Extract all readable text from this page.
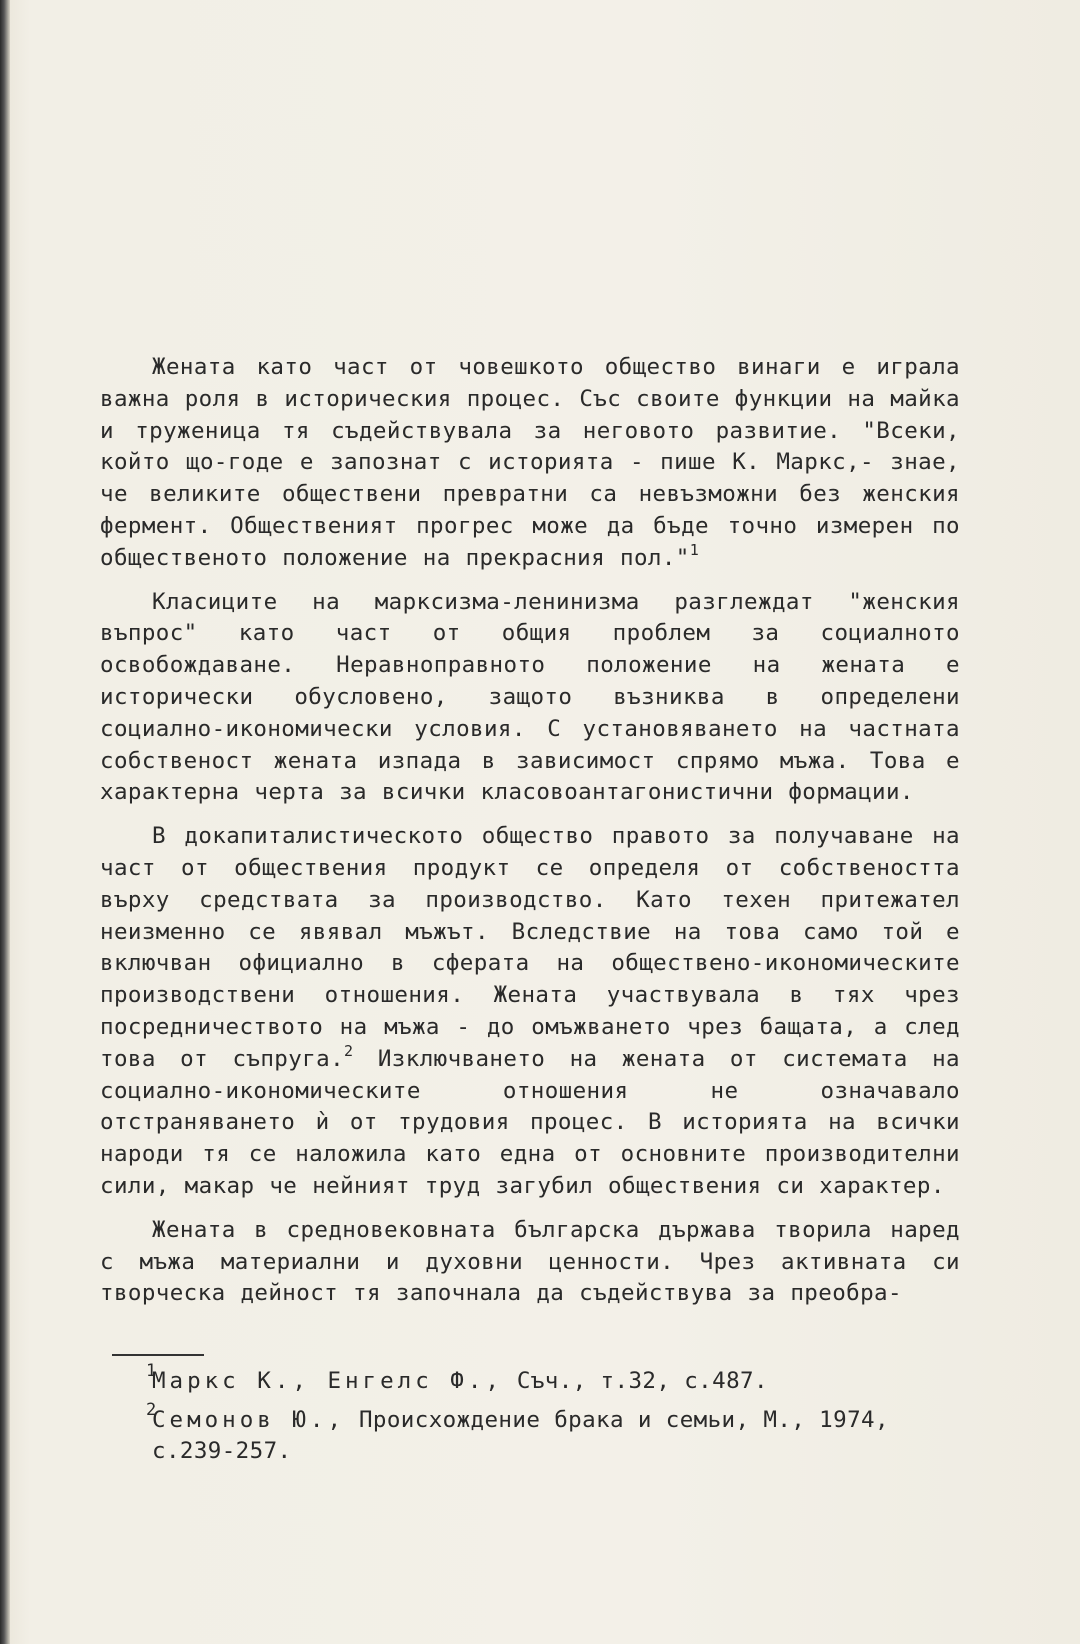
Жената като част от човешкото общество винаги е играла важна роля в историческия процес. Със своите функции на майка и труженица тя съдействувала за неговото развитие. "Всеки, който що-годе е запознат с историята - пише К. Маркс,- знае, че великите обществени превратни са невъзможни без женския фермент. Общественият прогрес може да бъде точно измерен по общественото положение на прекрасния пол."$^1$

Класиците на марксизма-ленинизма разглеждат "женския въпрос" като част от общия проблем за социалното освобождаване. Неравноправното положение на жената е исторически обусловено, защото възниква в определени социално-икономически условия. С установяването на частната собственост жената изпада в зависимост спрямо мъжа. Това е характерна черта за всички класовоантагонистични формации.

В докапиталистическото общество правото за получаване на част от обществения продукт се определя от собствеността върху средствата за производство. Като техен притежател неизменно се явявал мъжът. Вследствие на това само той е включван официално в сферата на обществено-икономическите производствени отношения. Жената участвувала в тях чрез посредничеството на мъжа - до омъжването чрез бащата, а след това от съпруга.$^2$ Изключването на жената от системата на социално-икономическите отношения не означавало отстраняването ѝ от трудовия процес. В историята на всички народи тя се наложила като една от основните производителни сили, макар че нейният труд загубил обществения си характер.

Жената в средновековната българска държава творила наред с мъжа материални и духовни ценности. Чрез активната си творческа дейност тя започнала да съдействува за преобра-

1
Маркс К., Енгелс Ф., Съч., т.32, с.487.
2
Семонов Ю., Происхождение брака и семьи, М., 1974, с.239-257.
